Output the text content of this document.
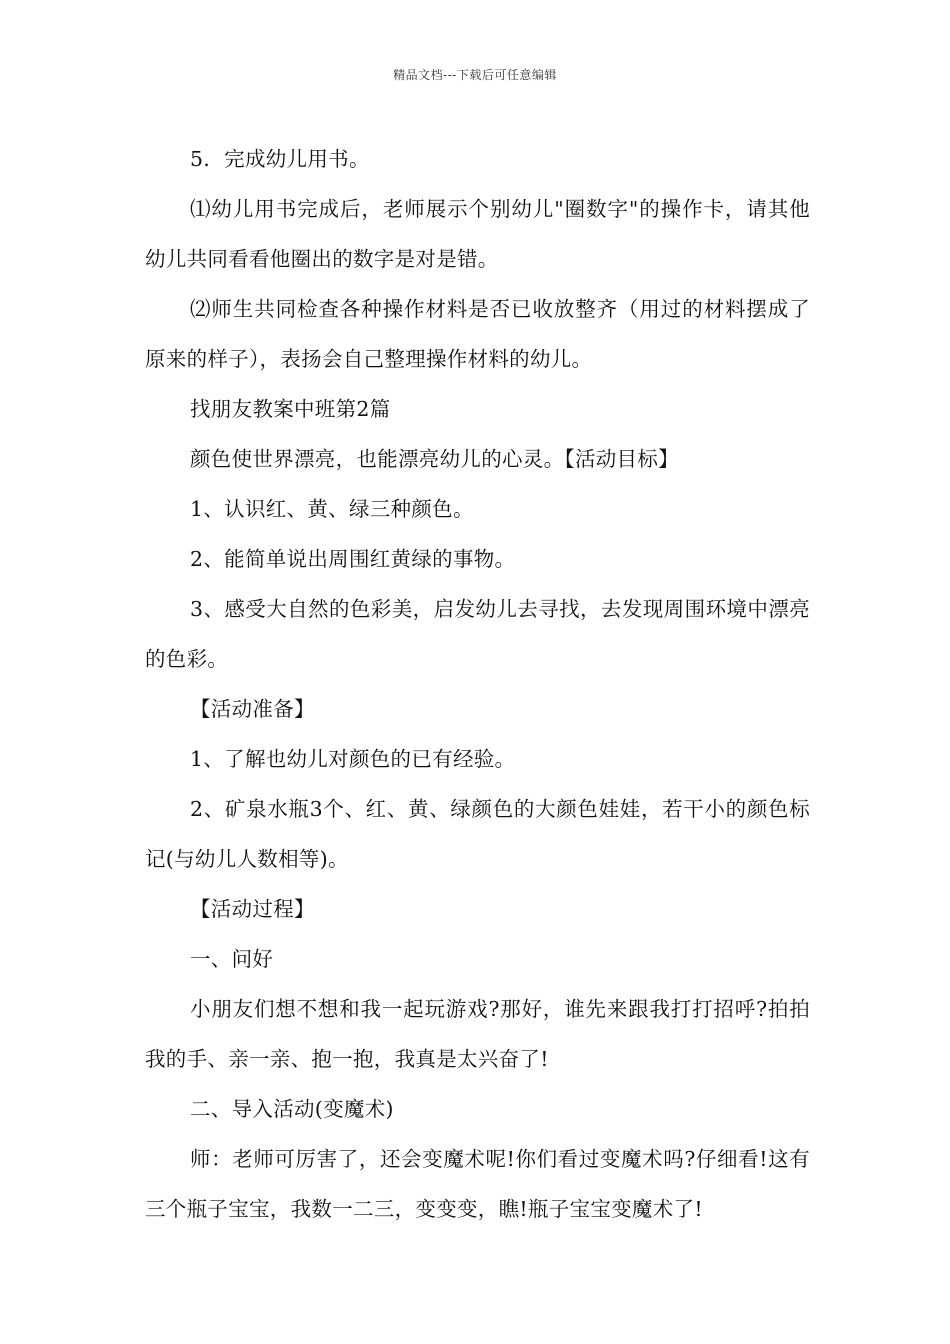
精品文档---下载后可任意编辑

5．完成幼儿用书。

⑴幼儿用书完成后，老师展示个别幼儿"圈数字"的操作卡，请其他幼儿共同看看他圈出的数字是对是错。

⑵师生共同检查各种操作材料是否已收放整齐（用过的材料摆成了原来的样子），表扬会自己整理操作材料的幼儿。

找朋友教案中班第2篇

颜色使世界漂亮，也能漂亮幼儿的心灵。【活动目标】

1、认识红、黄、绿三种颜色。

2、能简单说出周围红黄绿的事物。

3、感受大自然的色彩美，启发幼儿去寻找，去发现周围环境中漂亮的色彩。

【活动准备】

1、了解也幼儿对颜色的已有经验。

2、矿泉水瓶3个、红、黄、绿颜色的大颜色娃娃，若干小的颜色标记(与幼儿人数相等)。

【活动过程】

一、问好

小朋友们想不想和我一起玩游戏?那好，谁先来跟我打打招呼?拍拍我的手、亲一亲、抱一抱，我真是太兴奋了!

二、导入活动(变魔术)

师：老师可厉害了，还会变魔术呢!你们看过变魔术吗?仔细看!这有三个瓶子宝宝，我数一二三，变变变，瞧!瓶子宝宝变魔术了!
